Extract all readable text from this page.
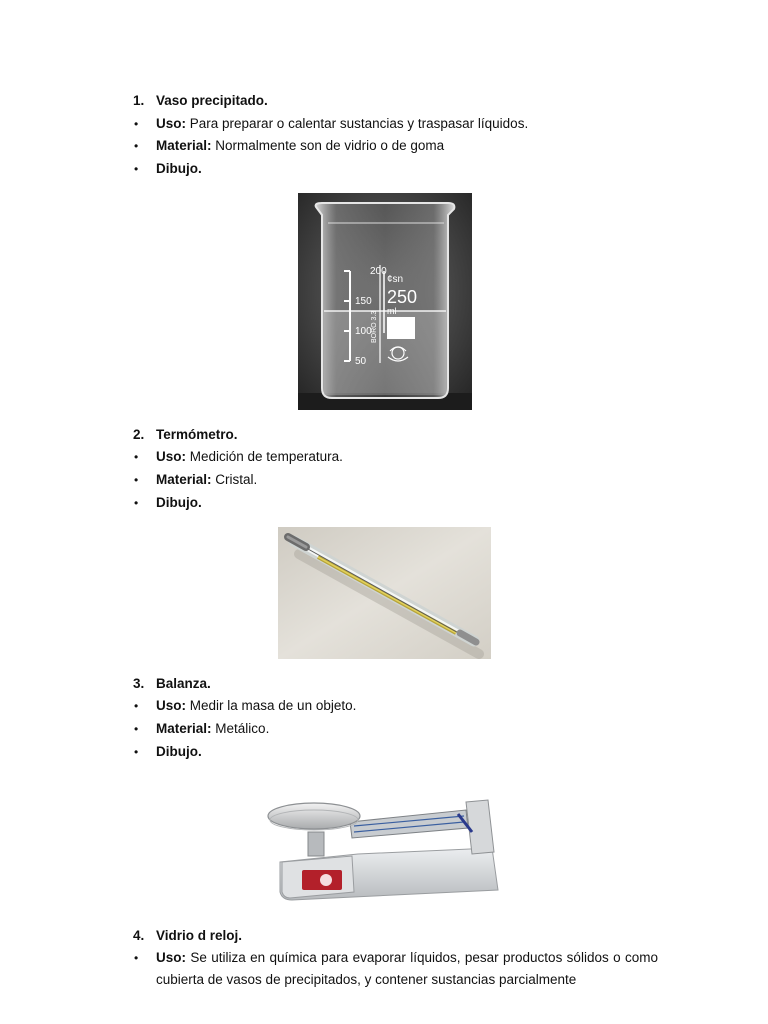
1. Vaso precipitado.
• Uso: Para preparar o calentar sustancias y traspasar líquidos.
• Material: Normalmente son de vidrio o de goma
• Dibujo.
200
150
100
50
BORO 3.3
¢sn
250
ml
2. Termómetro.
• Uso: Medición de temperatura.
• Material: Cristal.
• Dibujo.
3. Balanza.
• Uso: Medir la masa de un objeto.
• Material: Metálico.
• Dibujo.
4. Vidrio d reloj.
• Uso: Se utiliza en química para evaporar líquidos, pesar productos sólidos o como cubierta de vasos de precipitados, y contener sustancias parcialmente
